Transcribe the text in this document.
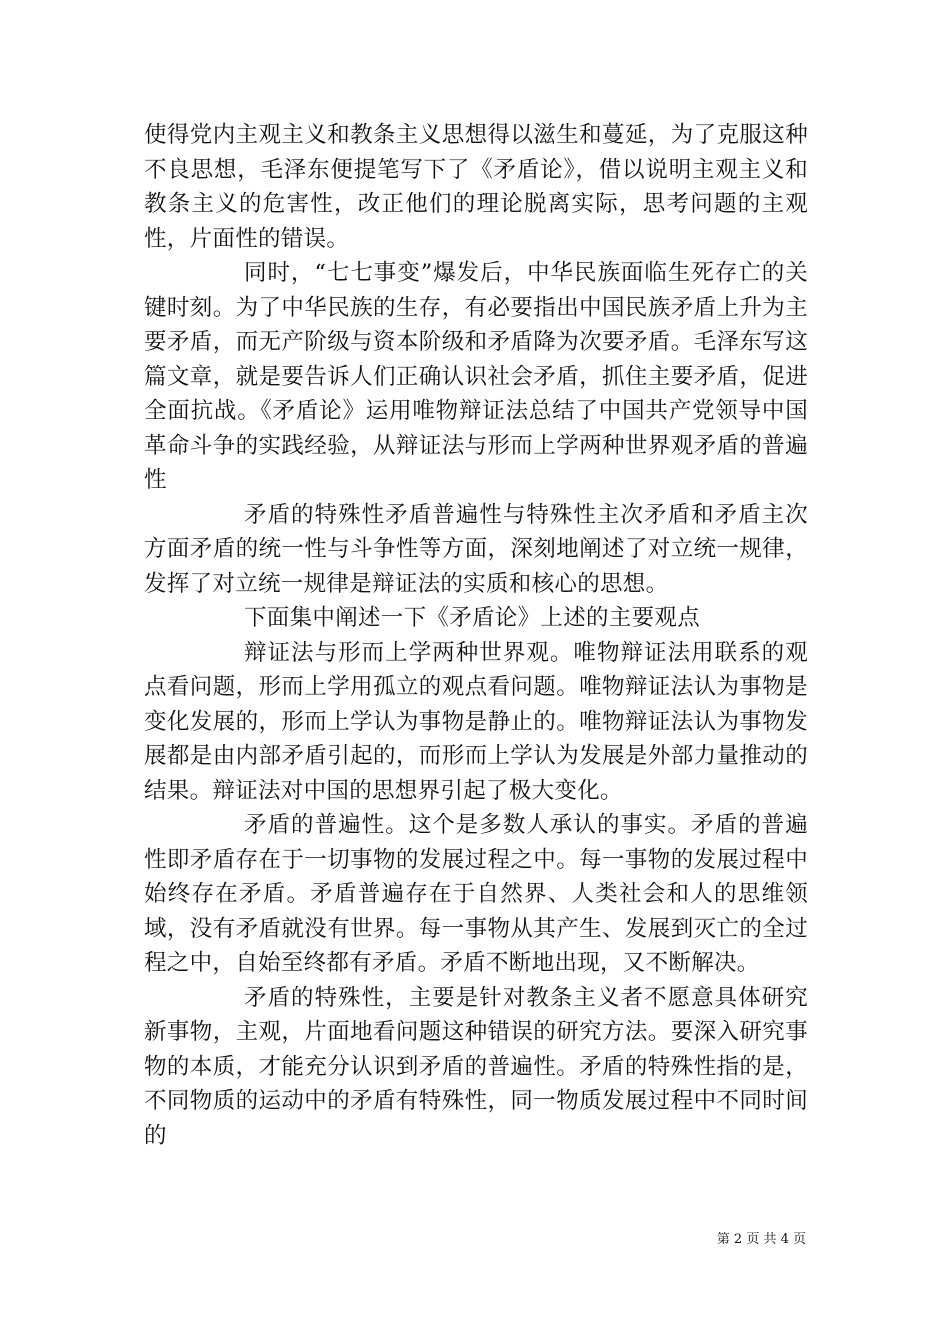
使得党内主观主义和教条主义思想得以滋生和蔓延，为了克服这种不良思想，毛泽东便提笔写下了《矛盾论》，借以说明主观主义和教条主义的危害性，改正他们的理论脱离实际，思考问题的主观性，片面性的错误。

同时，“七七事变”爆发后，中华民族面临生死存亡的关键时刻。为了中华民族的生存，有必要指出中国民族矛盾上升为主要矛盾，而无产阶级与资本阶级和矛盾降为次要矛盾。毛泽东写这篇文章，就是要告诉人们正确认识社会矛盾，抓住主要矛盾，促进全面抗战。《矛盾论》运用唯物辩证法总结了中国共产党领导中国革命斗争的实践经验，从辩证法与形而上学两种世界观矛盾的普遍性

矛盾的特殊性矛盾普遍性与特殊性主次矛盾和矛盾主次方面矛盾的统一性与斗争性等方面，深刻地阐述了对立统一规律，发挥了对立统一规律是辩证法的实质和核心的思想。

下面集中阐述一下《矛盾论》上述的主要观点

辩证法与形而上学两种世界观。唯物辩证法用联系的观点看问题，形而上学用孤立的观点看问题。唯物辩证法认为事物是变化发展的，形而上学认为事物是静止的。唯物辩证法认为事物发展都是由内部矛盾引起的，而形而上学认为发展是外部力量推动的结果。辩证法对中国的思想界引起了极大变化。

矛盾的普遍性。这个是多数人承认的事实。矛盾的普遍性即矛盾存在于一切事物的发展过程之中。每一事物的发展过程中始终存在矛盾。矛盾普遍存在于自然界、人类社会和人的思维领域，没有矛盾就没有世界。每一事物从其产生、发展到灭亡的全过程之中，自始至终都有矛盾。矛盾不断地出现，又不断解决。

矛盾的特殊性，主要是针对教条主义者不愿意具体研究新事物，主观，片面地看问题这种错误的研究方法。要深入研究事物的本质，才能充分认识到矛盾的普遍性。矛盾的特殊性指的是，不同物质的运动中的矛盾有特殊性，同一物质发展过程中不同时间的

第 2 页 共 4 页
